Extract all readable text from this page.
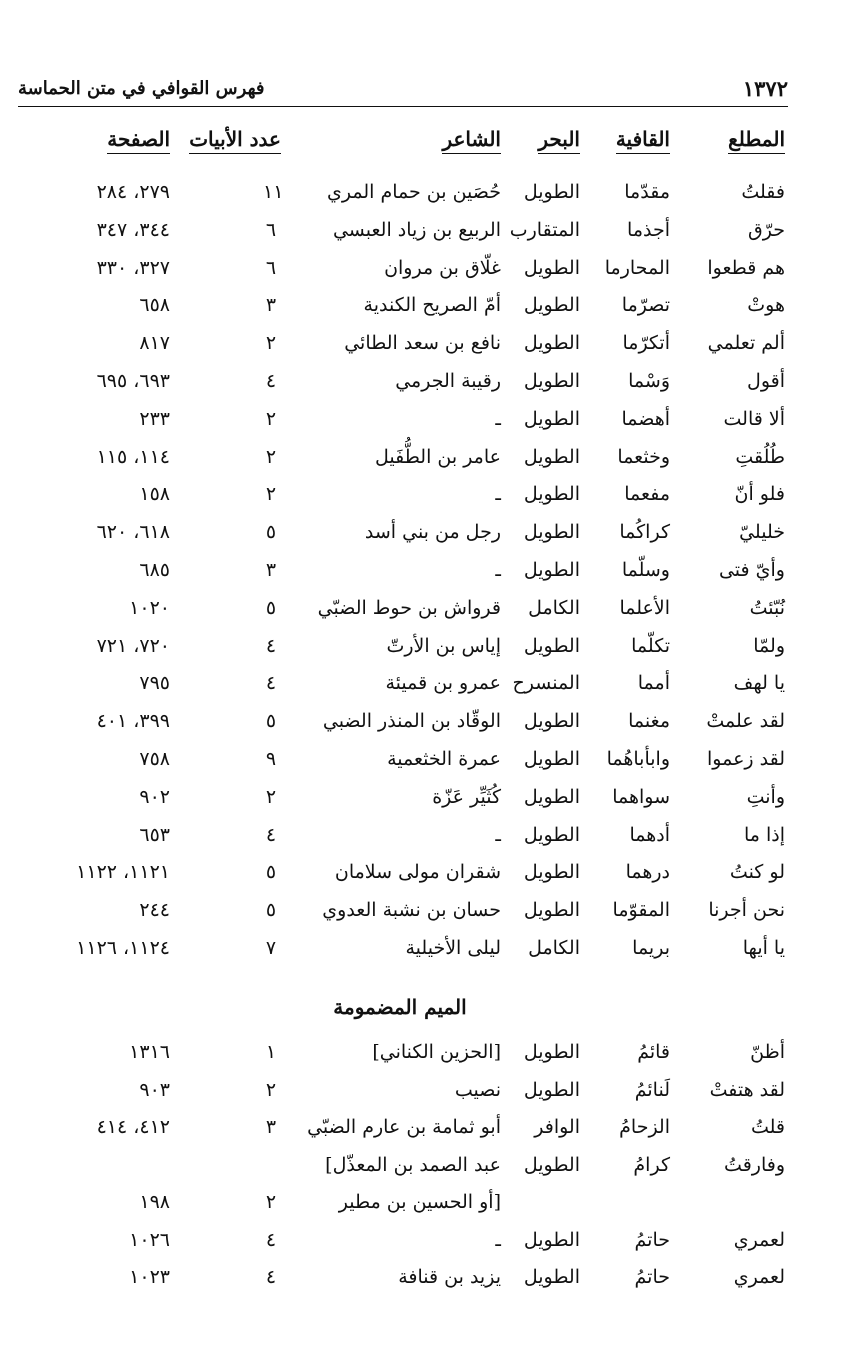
١٣٧٢
فهرس القوافي في متن الحماسة
المطلع
القافية
البحر
الشاعر
عدد الأبيات
الصفحة
فقلتُ
مقدّما
الطويل
حُصَين بن حمام المري
١١
٢٧٩، ٢٨٤
حرّق
أجذما
المتقارب
الربيع بن زياد العبسي
٦
٣٤٤، ٣٤٧
هم قطعوا
المحارما
الطويل
غلّاق بن مروان
٦
٣٢٧، ٣٣٠
هوتْ
تصرّما
الطويل
أمّ الصريح الكندية
٣
٦٥٨
ألم تعلمي
أتكرّما
الطويل
نافع بن سعد الطائي
٢
٨١٧
أقول
وَسْما
الطويل
رقيبة الجرمي
٤
٦٩٣، ٦٩٥
ألا قالت
أهضما
الطويل
ـ
٢
٢٣٣
طُلُقتِ
وخثعما
الطويل
عامر بن الطُّفَيل
٢
١١٤، ١١٥
فلو أنّ
مفعما
الطويل
ـ
٢
١٥٨
خليليّ
كراكُما
الطويل
رجل من بني أسد
٥
٦١٨، ٦٢٠
وأيّ فتى
وسلّما
الطويل
ـ
٣
٦٨٥
نُبّئتُ
الأعلما
الكامل
قرواش بن حوط الضبّي
٥
١٠٢٠
ولمّا
تكلّما
الطويل
إياس بن الأرتّ
٤
٧٢٠، ٧٢١
يا لهف
أمما
المنسرح
عمرو بن قميئة
٤
٧٩٥
لقد علمتْ
مغنما
الطويل
الوقّاد بن المنذر الضبي
٥
٣٩٩، ٤٠١
لقد زعموا
وابأباهُما
الطويل
عمرة الخثعمية
٩
٧٥٨
وأنتِ
سواهما
الطويل
كُثَيِّر عَزّة
٢
٩٠٢
إذا ما
أدهما
الطويل
ـ
٤
٦٥٣
لو كنتُ
درهما
الطويل
شقران مولى سلامان
٥
١١٢١، ١١٢٢
نحن أجرنا
المقوّما
الطويل
حسان بن نشبة العدوي
٥
٢٤٤
يا أيها
بريما
الكامل
ليلى الأخيلية
٧
١١٢٤، ١١٢٦
الميم المضمومة
أظنّ
قائمُ
الطويل
[الحزين الكناني]
١
١٣١٦
لقد هتفتْ
لَنائمُ
الطويل
نصيب
٢
٩٠٣
قلتُ
الزحامُ
الوافر
أبو ثمامة بن عارم الضبّي
٣
٤١٢، ٤١٤
وفارقتُ
كرامُ
الطويل
[عبد الصمد بن المعذّل
أو الحسين بن مطير]
٢
١٩٨
لعمري
حاتمُ
الطويل
ـ
٤
١٠٢٦
لعمري
حاتمُ
الطويل
يزيد بن قنافة
٤
١٠٢٣
